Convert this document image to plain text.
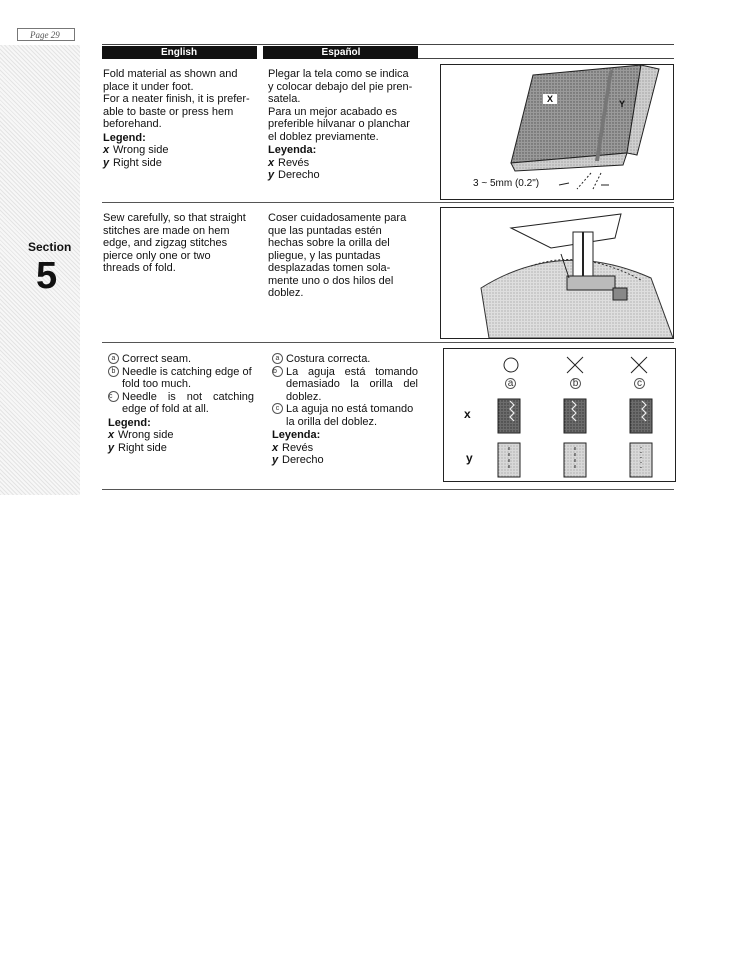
Page 29
Section
5
English	Español

Fold material as shown and

place it under foot.

For a neater finish, it is prefer-

able to baste or press hem

beforehand.

Legend:

x Wrong side

y Right side

Plegar la tela como se indica

y colocar debajo del pie pren-

satela.

Para un mejor acabado es

preferible hilvanar o planchar

el doblez previamente.

Leyenda:

x Revés

y Derecho

X	Y
3 ~ 5mm (0.2")

Sew carefully, so that straight

stitches are made on hem

edge, and zigzag stitches

pierce only one or two

threads of fold.

Coser cuidadosamente para

que las puntadas estén

hechas sobre la orilla del

pliegue, y las puntadas

desplazadas tomen sola-

mente uno o dos hilos del

doblez.

a Correct seam.

b Needle is catching edge of fold too much.

c Needle is not catching edge of fold at all.

Legend:

x Wrong side

y Right side

a Costura correcta.

b La aguja está tomando demasiado la orilla del doblez.

c La aguja no está tomando la orilla del doblez.

Leyenda:

x Revés

y Derecho

a	b	c
x
y
